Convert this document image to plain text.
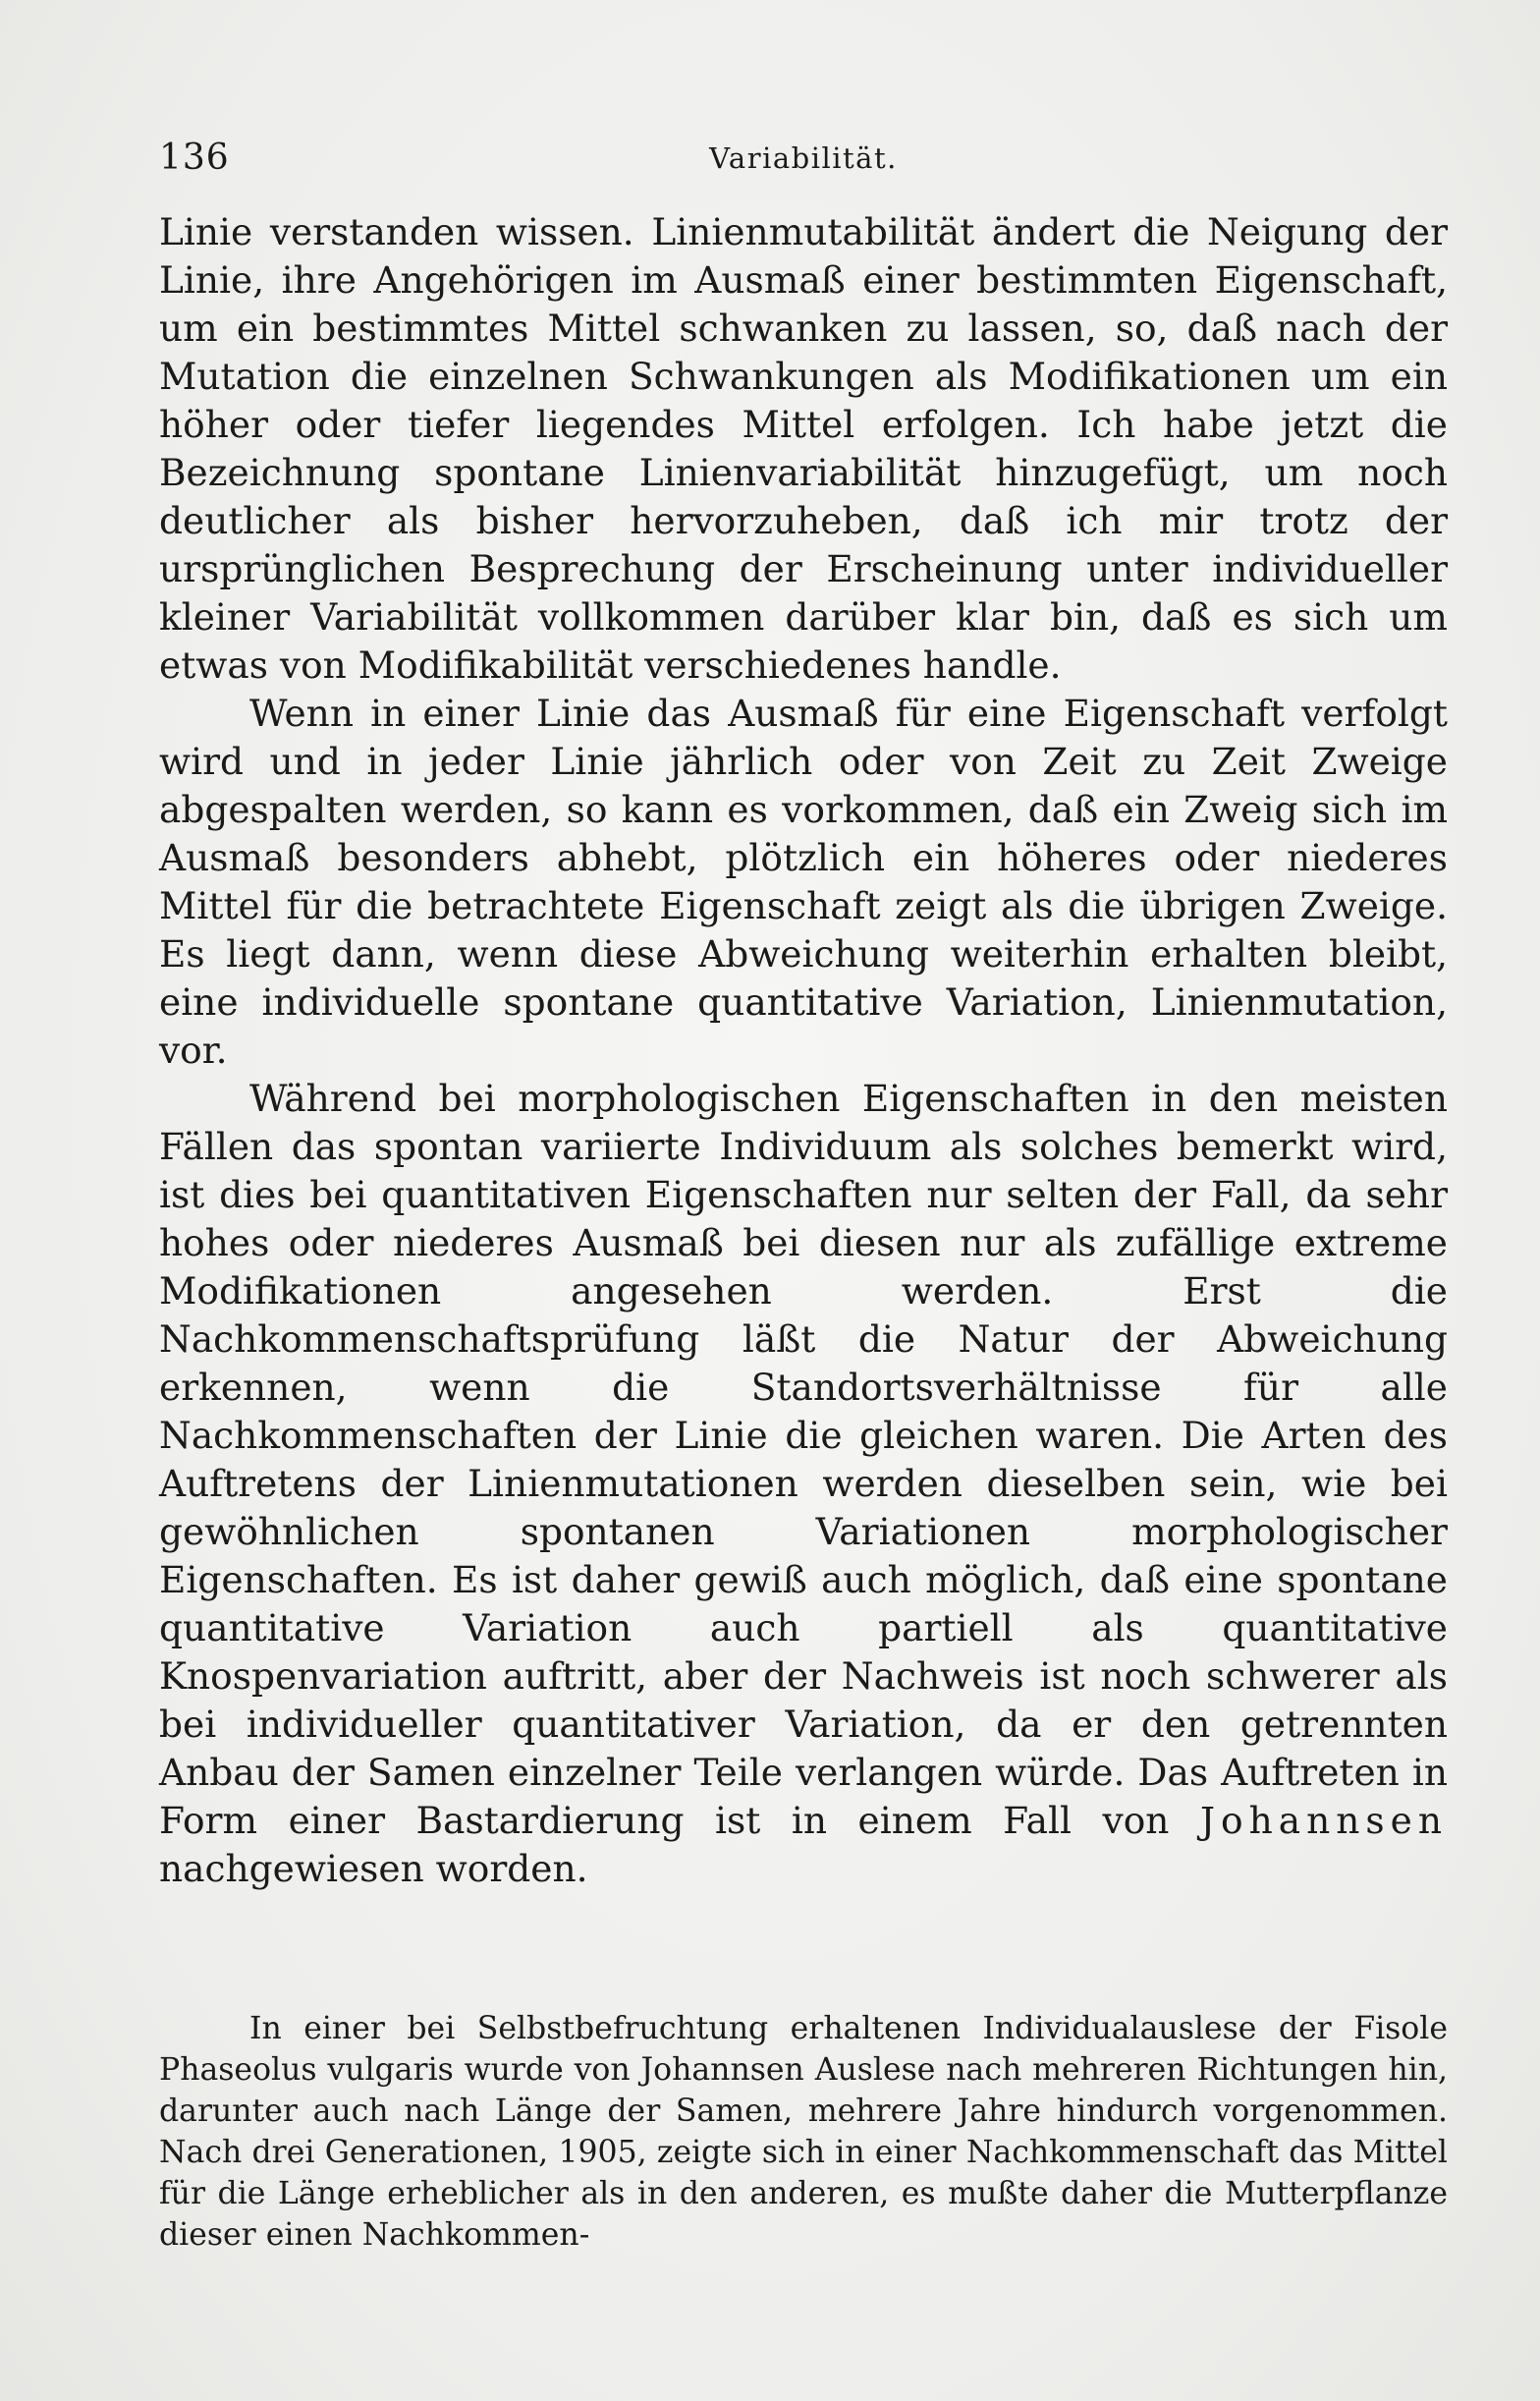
136	Variabilität.

Linie verstanden wissen. Linienmutabilität ändert die Neigung der Linie, ihre Angehörigen im Ausmaß einer bestimmten Eigenschaft, um ein bestimmtes Mittel schwanken zu lassen, so, daß nach der Mutation die einzelnen Schwankungen als Modifikationen um ein höher oder tiefer liegendes Mittel erfolgen. Ich habe jetzt die Bezeichnung spontane Linienvariabilität hinzugefügt, um noch deutlicher als bisher hervorzuheben, daß ich mir trotz der ursprünglichen Besprechung der Erscheinung unter individueller kleiner Variabilität vollkommen darüber klar bin, daß es sich um etwas von Modifikabilität verschiedenes handle.

Wenn in einer Linie das Ausmaß für eine Eigenschaft verfolgt wird und in jeder Linie jährlich oder von Zeit zu Zeit Zweige abgespalten werden, so kann es vorkommen, daß ein Zweig sich im Ausmaß besonders abhebt, plötzlich ein höheres oder niederes Mittel für die betrachtete Eigenschaft zeigt als die übrigen Zweige. Es liegt dann, wenn diese Abweichung weiterhin erhalten bleibt, eine individuelle spontane quantitative Variation, Linienmutation, vor.

Während bei morphologischen Eigenschaften in den meisten Fällen das spontan variierte Individuum als solches bemerkt wird, ist dies bei quantitativen Eigenschaften nur selten der Fall, da sehr hohes oder niederes Ausmaß bei diesen nur als zufällige extreme Modifikationen angesehen werden. Erst die Nachkommenschaftsprüfung läßt die Natur der Abweichung erkennen, wenn die Standortsverhältnisse für alle Nachkommenschaften der Linie die gleichen waren. Die Arten des Auftretens der Linienmutationen werden dieselben sein, wie bei gewöhnlichen spontanen Variationen morphologischer Eigenschaften. Es ist daher gewiß auch möglich, daß eine spontane quantitative Variation auch partiell als quantitative Knospenvariation auftritt, aber der Nachweis ist noch schwerer als bei individueller quantitativer Variation, da er den getrennten Anbau der Samen einzelner Teile verlangen würde. Das Auftreten in Form einer Bastardierung ist in einem Fall von Johannsen nachgewiesen worden.

In einer bei Selbstbefruchtung erhaltenen Individualauslese der Fisole Phaseolus vulgaris wurde von Johannsen Auslese nach mehreren Richtungen hin, darunter auch nach Länge der Samen, mehrere Jahre hindurch vorgenommen. Nach drei Generationen, 1905, zeigte sich in einer Nachkommenschaft das Mittel für die Länge erheblicher als in den anderen, es mußte daher die Mutterpflanze dieser einen Nachkommen-
